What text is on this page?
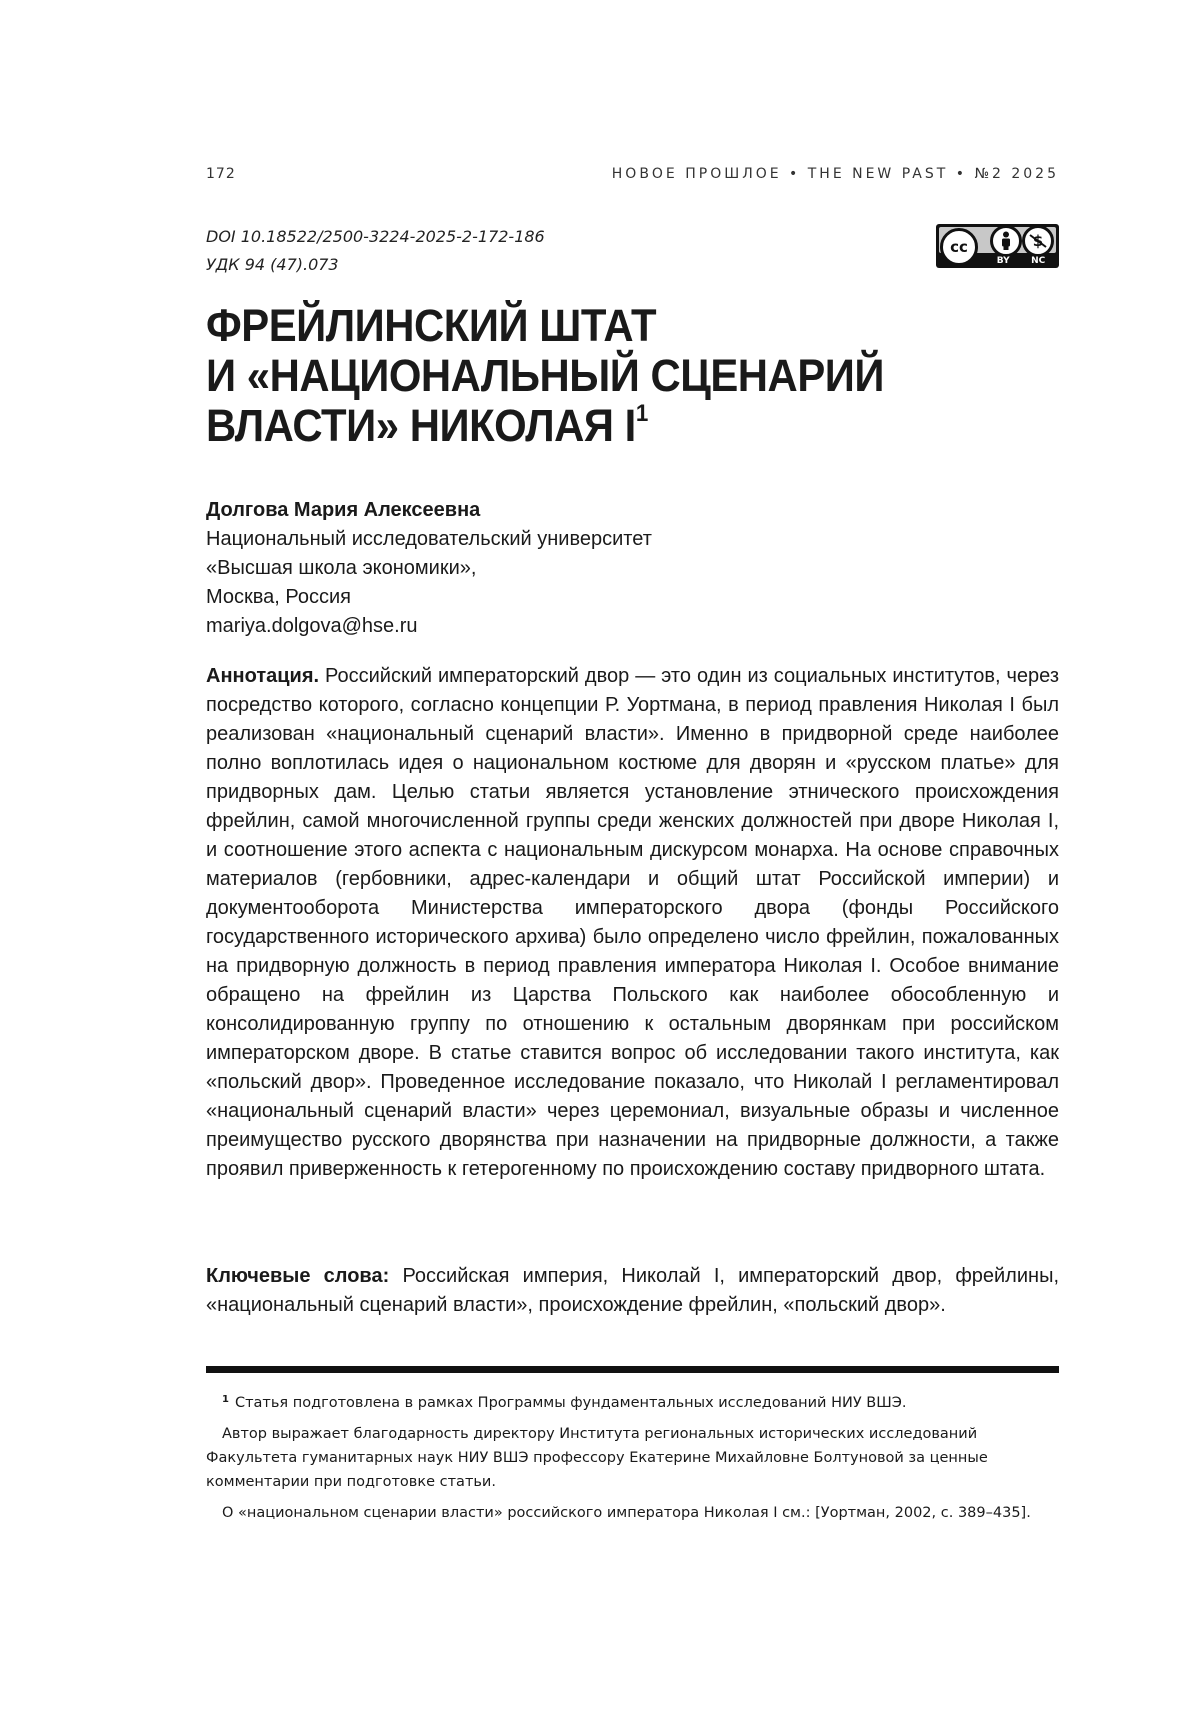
172	НОВОЕ ПРОШЛОЕ • THE NEW PAST • №2 2025
DOI 10.18522/2500-3224-2025-2-172-186
УДК 94 (47).073
cc
BY NC
ФРЕЙЛИНСКИЙ ШТАТ
И «НАЦИОНАЛЬНЫЙ СЦЕНАРИЙ
ВЛАСТИ» НИКОЛАЯ I1
Долгова Мария Алексеевна
Национальный исследовательский университет
«Высшая школа экономики»,
Москва, Россия
mariya.dolgova@hse.ru

Аннотация. Российский императорский двор — это один из социальных институтов, через посредство которого, согласно концепции Р. Уортмана, в период правления Николая I был реализован «национальный сценарий власти». Именно в придворной среде наиболее полно воплотилась идея о национальном костюме для дворян и «русском платье» для придворных дам. Целью статьи является установление этнического происхождения фрейлин, самой многочисленной группы среди женских должностей при дворе Николая I, и соотношение этого аспекта с национальным дискурсом монарха. На основе справочных материалов (гербовники, адрес-календари и общий штат Российской империи) и документооборота Министерства императорского двора (фонды Российского государственного исторического архива) было определено число фрейлин, пожалованных на придворную должность в период правления императора Николая I. Особое внимание обращено на фрейлин из Царства Польского как наиболее обособленную и консолидированную группу по отношению к остальным дворянкам при российском императорском дворе. В статье ставится вопрос об исследовании такого института, как «польский двор». Проведенное исследование показало, что Николай I регламентировал «национальный сценарий власти» через церемониал, визуальные образы и численное преимущество русского дворянства при назначении на придворные должности, а также проявил приверженность к гетерогенному по происхождению составу придворного штата.

Ключевые слова: Российская империя, Николай I, императорский двор, фрейлины, «национальный сценарий власти», происхождение фрейлин, «польский двор».

1 Статья подготовлена в рамках Программы фундаментальных исследований НИУ ВШЭ.

Автор выражает благодарность директору Института региональных исторических исследований Факультета гуманитарных наук НИУ ВШЭ профессору Екатерине Михайловне Болтуновой за ценные комментарии при подготовке статьи.

О «национальном сценарии власти» российского императора Николая I см.: [Уортман, 2002, с. 389–435].
